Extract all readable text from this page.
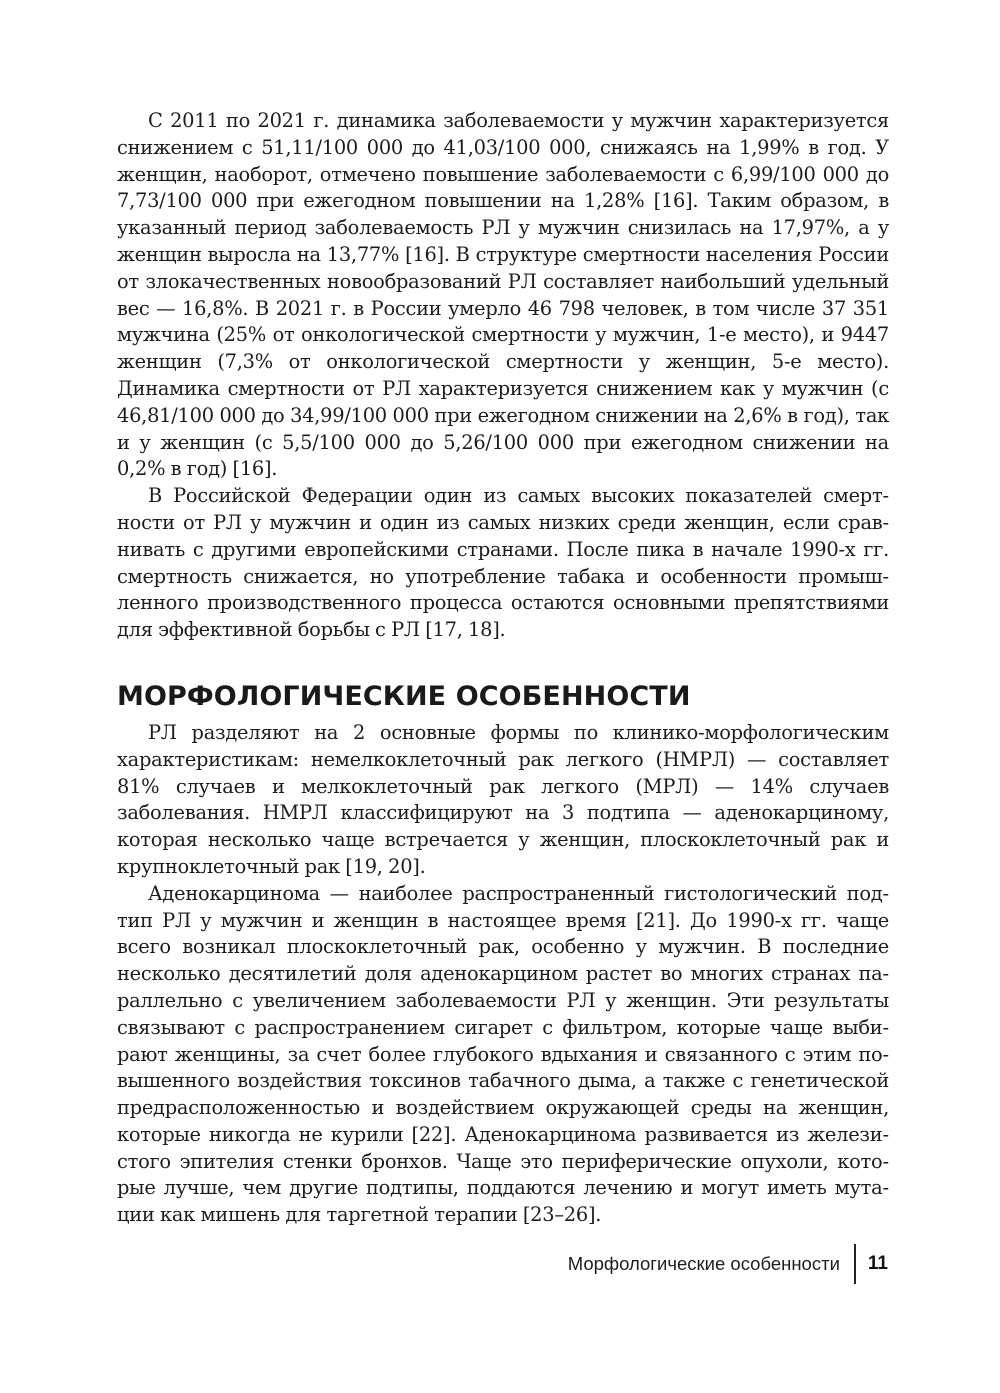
С 2011 по 2021 г. динамика заболеваемости у мужчин характеризуется снижением с 51,11/100 000 до 41,03/100 000, снижаясь на 1,99% в год. У женщин, наоборот, отмечено повышение заболеваемости с 6,99/100 000 до 7,73/100 000 при ежегодном повышении на 1,28% [16]. Таким образом, в указанный период заболеваемость РЛ у мужчин снизилась на 17,97%, а у женщин выросла на 13,77% [16]. В структуре смертности населения России от злокачественных новообразований РЛ составляет наибольший удельный вес — 16,8%. В 2021 г. в России умерло 46 798 человек, в том числе 37 351 мужчина (25% от онкологической смертности у мужчин, 1-е место), и 9447 женщин (7,3% от онкологической смертности у женщин, 5-е место). Динамика смертности от РЛ характеризуется снижением как у мужчин (с 46,81/100 000 до 34,99/100 000 при ежегодном снижении на 2,6% в год), так и у женщин (с 5,5/100 000 до 5,26/100 000 при ежегодном снижении на 0,2% в год) [16].

В Российской Федерации один из самых высоких показателей смертности от РЛ у мужчин и один из самых низких среди женщин, если сравнивать с другими европейскими странами. После пика в начале 1990-х гг. смертность снижается, но употребление табака и особенности промышленного производственного процесса остаются основными препятствиями для эффективной борьбы с РЛ [17, 18].

МОРФОЛОГИЧЕСКИЕ ОСОБЕННОСТИ

РЛ разделяют на 2 основные формы по клинико-морфологическим характеристикам: немелкоклеточный рак легкого (НМРЛ) — составляет 81% случаев и мелкоклеточный рак легкого (МРЛ) — 14% случаев заболевания. НМРЛ классифицируют на 3 подтипа — аденокарциному, которая несколько чаще встречается у женщин, плоскоклеточный рак и крупноклеточный рак [19, 20].

Аденокарцинома — наиболее распространенный гистологический подтип РЛ у мужчин и женщин в настоящее время [21]. До 1990-х гг. чаще всего возникал плоскоклеточный рак, особенно у мужчин. В последние несколько десятилетий доля аденокарцином растет во многих странах параллельно с увеличением заболеваемости РЛ у женщин. Эти результаты связывают с распространением сигарет с фильтром, которые чаще выбирают женщины, за счет более глубокого вдыхания и связанного с этим повышенного воздействия токсинов табачного дыма, а также с генетической предрасположенностью и воздействием окружающей среды на женщин, которые никогда не курили [22]. Аденокарцинома развивается из железистого эпителия стенки бронхов. Чаще это периферические опухоли, которые лучше, чем другие подтипы, поддаются лечению и могут иметь мутации как мишень для таргетной терапии [23–26].

Морфологические особенности	11
